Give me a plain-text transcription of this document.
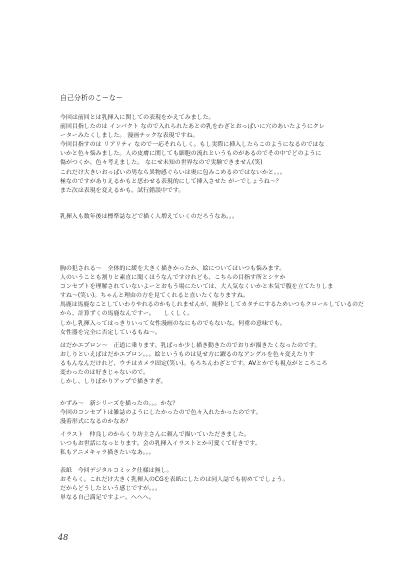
自己分析のこーなー
今回は前回とは乳揮入に関しての表現をかえてみました。
前回目指したのは インパクト なので入れられたあとの乳をわざとおっぱいに穴のあいたようにクレ
ーターみたくしました。 漫画チックな表現ですね。
今回目指すのは リアリティ なので一応それらしく。もし実際に挿入したらこのようになるのではな
いかと色々悩みました。人の皮膚に関しても細胞の流れというものがあるのでその中でどのように
傷がつくか、色々考えました。 なにせ未知の世界なので実験できません(笑)
これだけ大きいおっぱいの男なら異物感ぐらいは奥に包みこめるのではないかと。。。
極なのですがありえるかもと思わせる表現的にして挿入させた がーでしょうね～？
また次は表現を変えるかも。試行錯誤中です。
乳揮入も数年後は標準誌などで描く人増えていくのだろうなあ。。。
胸の犯される～　全体的に緩を大きく描きかったか、絵についてはいつも悩みます。
人のいうことも割りと素直に聞くほうなんですけれども、こちらの目指す所とシケか
コンセプトを理解されていないよーとおもう場にたいては、大人気なくいかと本気で腹を立てたりしま
すね～(笑い)。ちゃんと理由の方を見てくれると直いたくなりますね。
馬鹿は馬鹿なことしていわりやれるのかもしれませんが、純粋としてカタチにするためいつもクロールしているのだ
から、計算ずくの馬鹿なんですー。　　しくしく。
しかし乳揮入ってはっきりいって女性漫画のなにものでもないな。何重の意味でも。
女性器を完全に否定しているもね～。
はだかエプロン～　正道に乗ります。乳ばっか少し描き動きたのでおりが描きたくなったのです。
おしりといえばはだかエプロン。。。絵というものは見せ方に躍るのなアングルを色々変えたりす
るもんなんだけれど、ウチはカメラ固定(笑い)。もろちんわざとです。AVとかでも視点がところころ
変わったのは好きじゃないので。
しかし、しりばかりアップで描きすぎ。
かずみ～　新シリーズを描ったの。。。かな？
今回のコンセプトは雑誌のようにしたかったので色々入れたかったのです。
漫着形式になるのかなあ？
イラスト　仲良しのからくり坊主さんに頼んで描いていただきました。
いつもお世話になっとります。会の乳揮入イラストとか可愛くて好きです。
私もアニメキャラ描きたいなあ。。。
表紙　今回デジタルコミック仕様は無し。
おそらく。これだけ大きく乳揮入のCGを表紙にしたのは同人誌でも初めてでしょう。
だからどうしたという感じですが。。。
単なる自己満足ですよー。へへへ。
48
